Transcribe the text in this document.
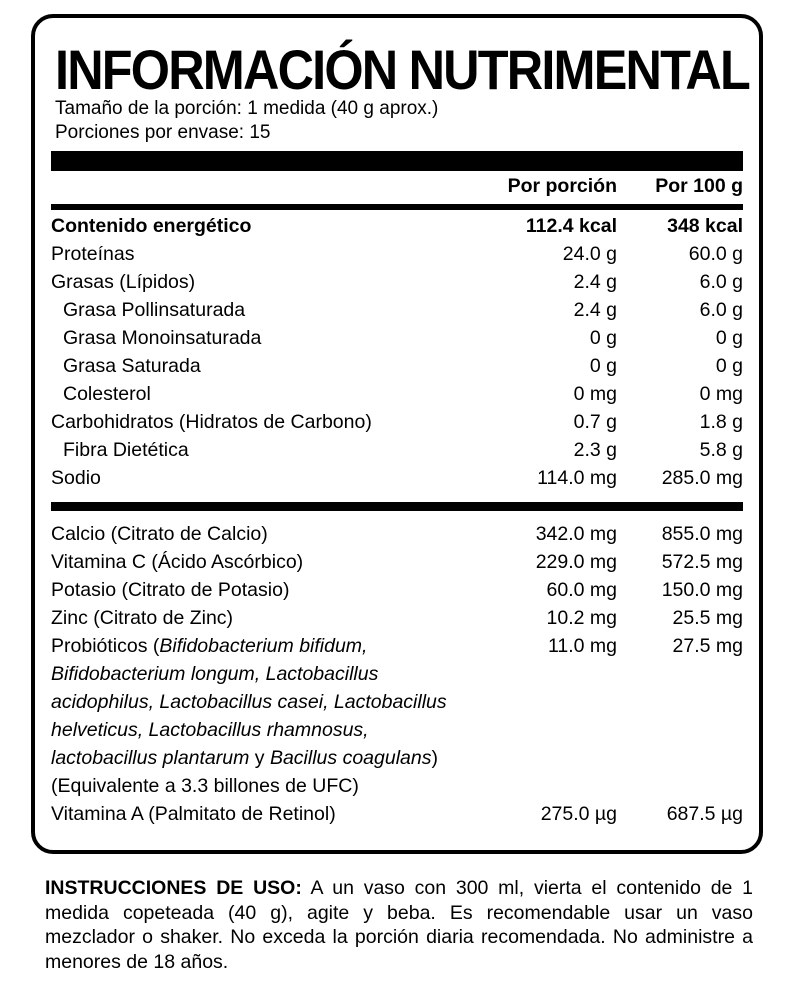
INFORMACIÓN NUTRIMENTAL
Tamaño de la porción: 1 medida (40 g aprox.)
Porciones por envase: 15
Por porción Por 100 g
Contenido energético	112.4 kcal	348 kcal
Proteínas	24.0 g	60.0 g
Grasas (Lípidos)	2.4 g	6.0 g
Grasa Pollinsaturada	2.4 g	6.0 g
Grasa Monoinsaturada	0 g	0 g
Grasa Saturada	0 g	0 g
Colesterol	0 mg	0 mg
Carbohidratos (Hidratos de Carbono)	0.7 g	1.8 g
Fibra Dietética	2.3 g	5.8 g
Sodio	114.0 mg 285.0 mg
Calcio (Citrato de Calcio)	342.0 mg 855.0 mg
Vitamina C (Ácido Ascórbico)	229.0 mg 572.5 mg
Potasio (Citrato de Potasio)	60.0 mg 150.0 mg
Zinc (Citrato de Zinc)	10.2 mg	25.5 mg
Probióticos (Bifidobacterium bifidum,	11.0 mg	27.5 mg
Bifidobacterium longum, Lactobacillus
acidophilus, Lactobacillus casei, Lactobacillus
helveticus, Lactobacillus rhamnosus,
lactobacillus plantarum y Bacillus coagulans)
(Equivalente a 3.3 billones de UFC)
Vitamina A (Palmitato de Retinol)	275.0 µg	687.5 µg

INSTRUCCIONES DE USO: A un vaso con 300 ml, vierta el contenido de 1 medida copeteada (40 g), agite y beba. Es recomendable usar un vaso mezclador o shaker. No exceda la porción diaria recomendada. No administre a menores de 18 años.
